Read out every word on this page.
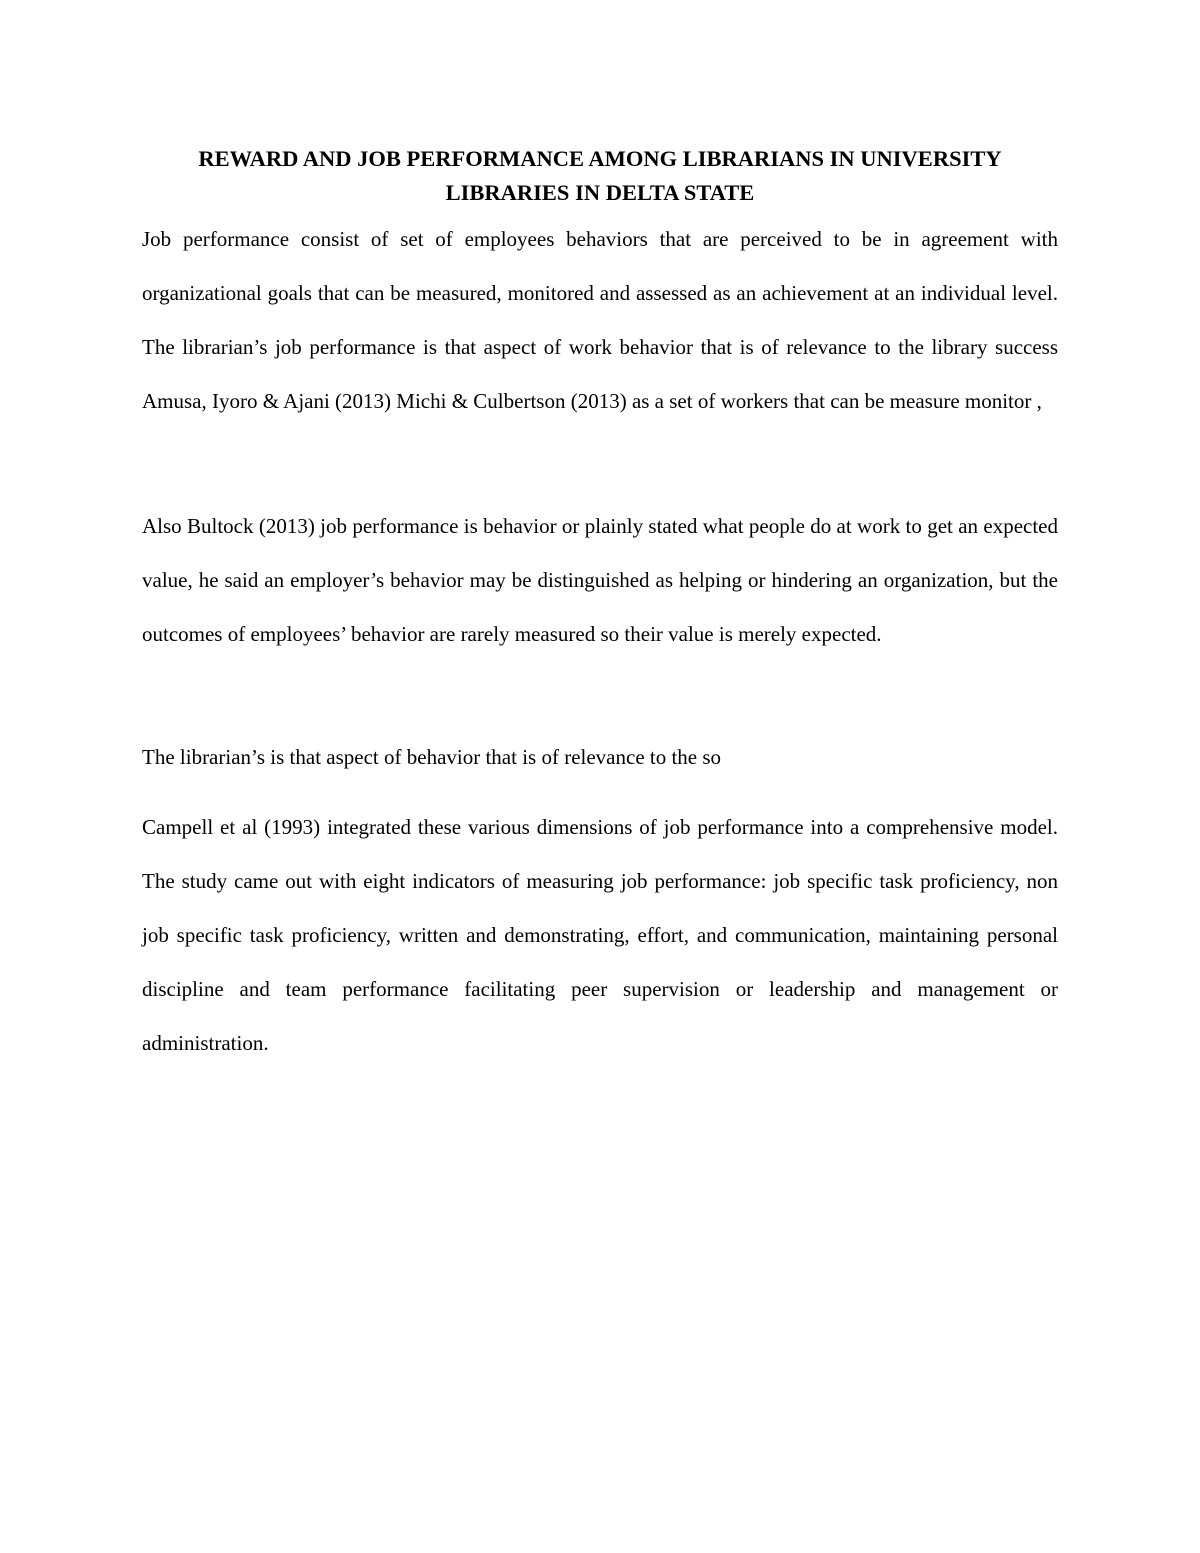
REWARD AND JOB PERFORMANCE AMONG LIBRARIANS IN UNIVERSITY LIBRARIES IN DELTA STATE

Job performance consist of set of employees behaviors that are perceived to be in agreement with organizational goals that can be measured, monitored and assessed as an achievement at an individual level. The librarian’s job performance is that aspect of work behavior that is of relevance to the library success Amusa, Iyoro & Ajani (2013) Michi & Culbertson (2013) as a set of workers that can be measure monitor ,

Also Bultock (2013) job performance is behavior or plainly stated what people do at work to get an expected value, he said an employer’s behavior may be distinguished as helping or hindering an organization, but the outcomes of employees’ behavior are rarely measured so their value is merely expected.

The librarian’s is that aspect of behavior that is of relevance to the so

Campell et al (1993) integrated these various dimensions of job performance into a comprehensive model. The study came out with eight indicators of measuring job performance: job specific task proficiency, non job specific task proficiency, written and demonstrating, effort, and communication, maintaining personal discipline and team performance facilitating peer supervision or leadership and management or administration.
